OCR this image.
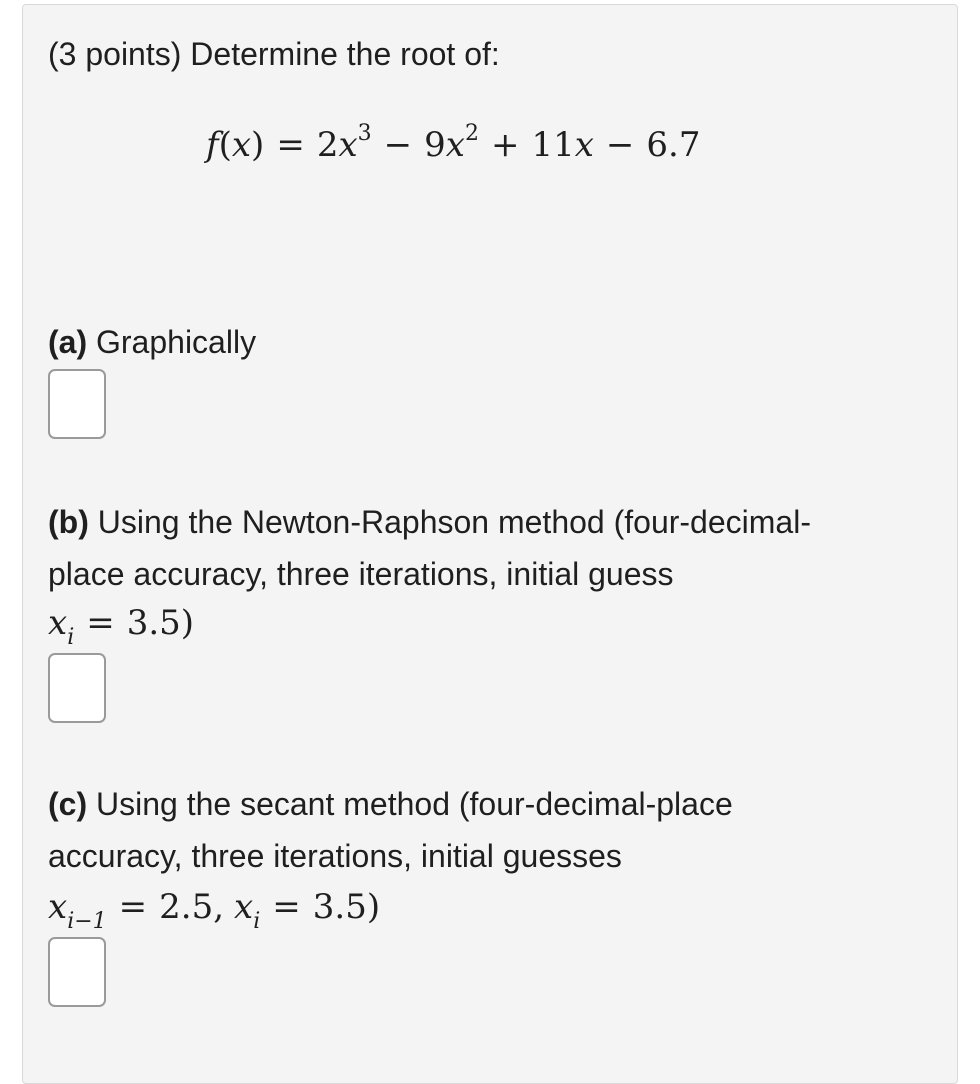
(3 points) Determine the root of:
$f(x) = 2x^3 - 9x^2 + 11x - 6.7$
(a) Graphically
(b) Using the Newton-Raphson method (four-decimal-
place accuracy, three iterations, initial guess
$x_i = 3.5$)
(c) Using the secant method (four-decimal-place
accuracy, three iterations, initial guesses
$x_{i-1} = 2.5$, $x_i = 3.5$)
